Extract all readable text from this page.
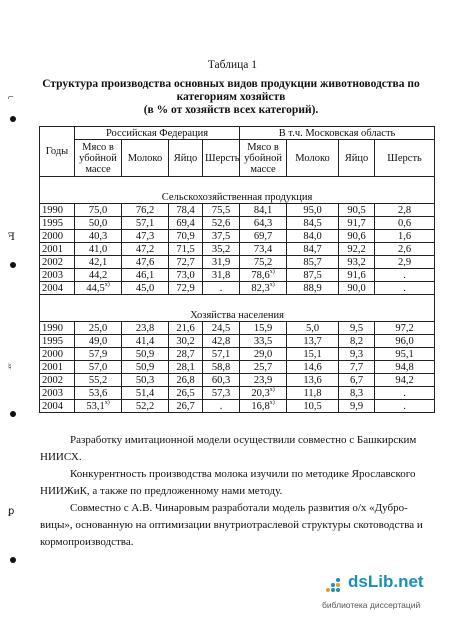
⌐
ꟻ
♮
ꝑ
Таблица 1
Структура производства основных видов продукции животноводства по
категориям хозяйств
(в % от хозяйств всех категорий).
Годы	Российская Федерация				В т.ч. Московская область			
	Мясо в убойной массе	Молоко	Яйцо	Шерсть	Мясо в убойной массе	Молоко	Яйцо	Шерсть
Сельскохозяйственная продукция								
1990	75,0	76,2	78,4	75,5	84,1	95,0	90,5	2,8
1995	50,0	57,1	69,4	52,6	64,3	84,5	91,7	0,6
2000	40,3	47,3	70,9	37,5	69,7	84,0	90,6	1,6
2001	41,0	47,2	71,5	35,2	73,4	84,7	92,2	2,6
2002	42,1	47,6	72,7	31,9	75,2	85,7	93,2	2,9
2003	44,2	46,1	73,0	31,8	78,6$^{x)}$	87,5	91,6	.
2004	44,5$^{x)}$	45,0	72,9	.	82,3$^{x)}$	88,9	90,0	.
Хозяйства населения								
1990	25,0	23,8	21,6	24,5	15,9	5,0	9,5	97,2
1995	49,0	41,4	30,2	42,8	33,5	13,7	8,2	96,0
2000	57,9	50,9	28,7	57,1	29,0	15,1	9,3	95,1
2001	57,0	50,9	28,1	58,8	25,7	14,6	7,7	94,8
2002	55,2	50,3	26,8	60,3	23,9	13,6	6,7	94,2
2003	53,6	51,4	26,5	57,3	20,3$^{x)}$	11,8	8,3	.
2004	53,1$^{x)}$	52,2	26,7	.	16,8$^{x)}$	10,5	9,9	.
Разработку имитационной модели осуществили совместно с Башкирским НИИСХ.
Конкурентность производства молока изучили по методике Ярославского НИИЖиК, а также по предложенному нами методу.
Совместно с А.В. Чинаровым разработали модель развития о/х «Дубро-вицы», основанную на оптимизации внутриотраслевой структуры скотоводства и кормопроизводства.
dsLib.net
библиотека диссертаций
